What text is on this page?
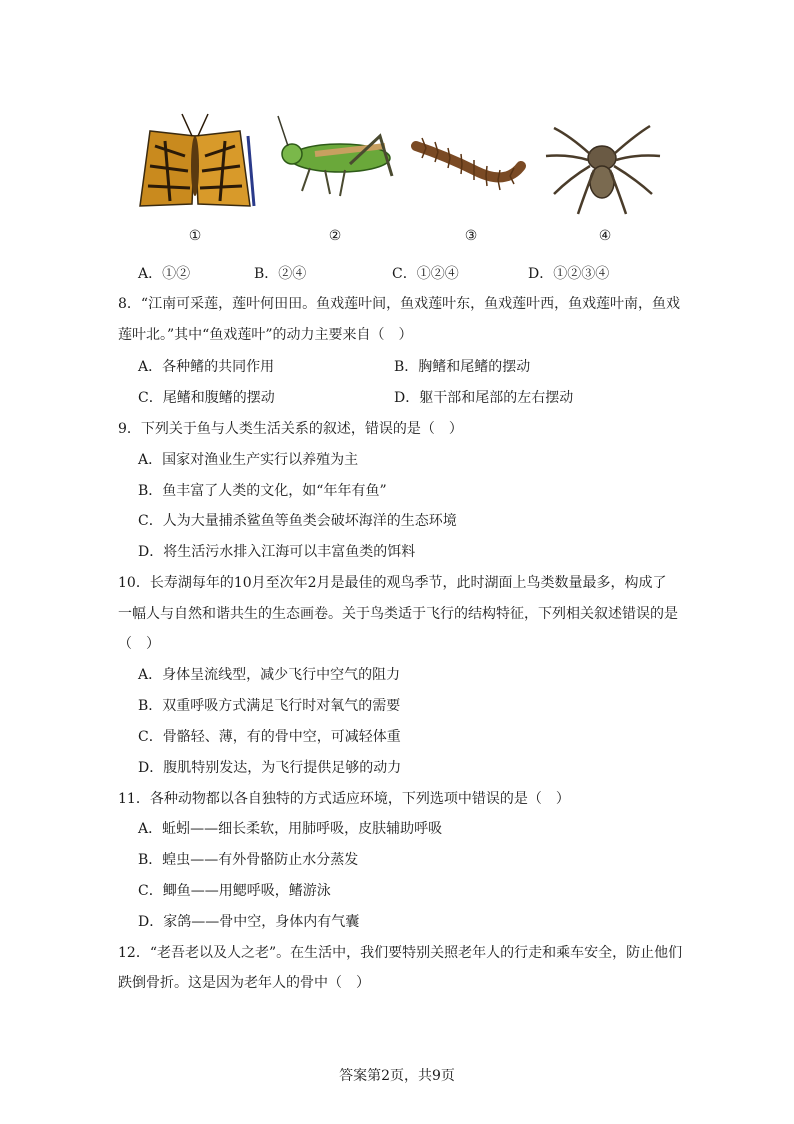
①	②	③	④
A．①②	B．②④	C．①②④	D．①②③④
8．“江南可采莲，莲叶何田田。鱼戏莲叶间，鱼戏莲叶东，鱼戏莲叶西，鱼戏莲叶南，鱼戏
莲叶北。”其中“鱼戏莲叶”的动力主要来自（　）
A．各种鳍的共同作用	B．胸鳍和尾鳍的摆动
C．尾鳍和腹鳍的摆动	D．躯干部和尾部的左右摆动
9．下列关于鱼与人类生活关系的叙述，错误的是（　）
A．国家对渔业生产实行以养殖为主
B．鱼丰富了人类的文化，如“年年有鱼”
C．人为大量捕杀鲨鱼等鱼类会破坏海洋的生态环境
D．将生活污水排入江海可以丰富鱼类的饵料
10．长寿湖每年的10月至次年2月是最佳的观鸟季节，此时湖面上鸟类数量最多，构成了
一幅人与自然和谐共生的生态画卷。关于鸟类适于飞行的结构特征，下列相关叙述错误的是
（　）
A．身体呈流线型，减少飞行中空气的阻力
B．双重呼吸方式满足飞行时对氧气的需要
C．骨骼轻、薄，有的骨中空，可减轻体重
D．腹肌特别发达，为飞行提供足够的动力
11．各种动物都以各自独特的方式适应环境，下列选项中错误的是（　）
A．蚯蚓——细长柔软，用肺呼吸，皮肤辅助呼吸
B．蝗虫——有外骨骼防止水分蒸发
C．鲫鱼——用鳃呼吸，鳍游泳
D．家鸽——骨中空，身体内有气囊
12．“老吾老以及人之老”。在生活中，我们要特别关照老年人的行走和乘车安全，防止他们
跌倒骨折。这是因为老年人的骨中（　）
答案第2页，共9页
